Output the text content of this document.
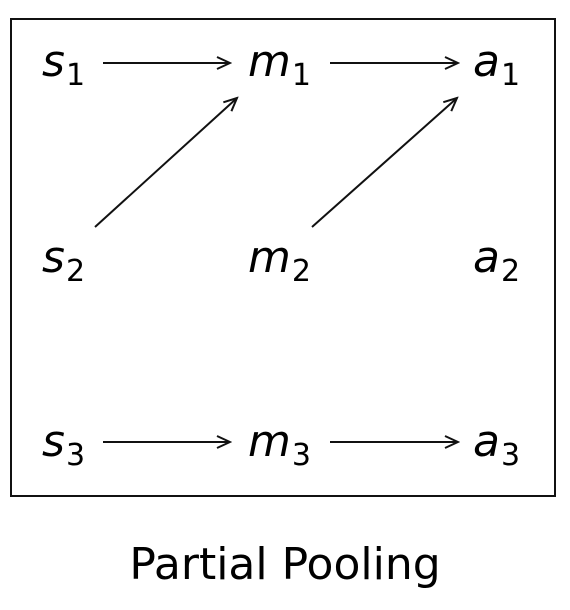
$s_1$	$m_1$	$a_1$
$s_2$	$m_2$	$a_2$
$s_3$	$m_3$	$a_3$
Partial Pooling
